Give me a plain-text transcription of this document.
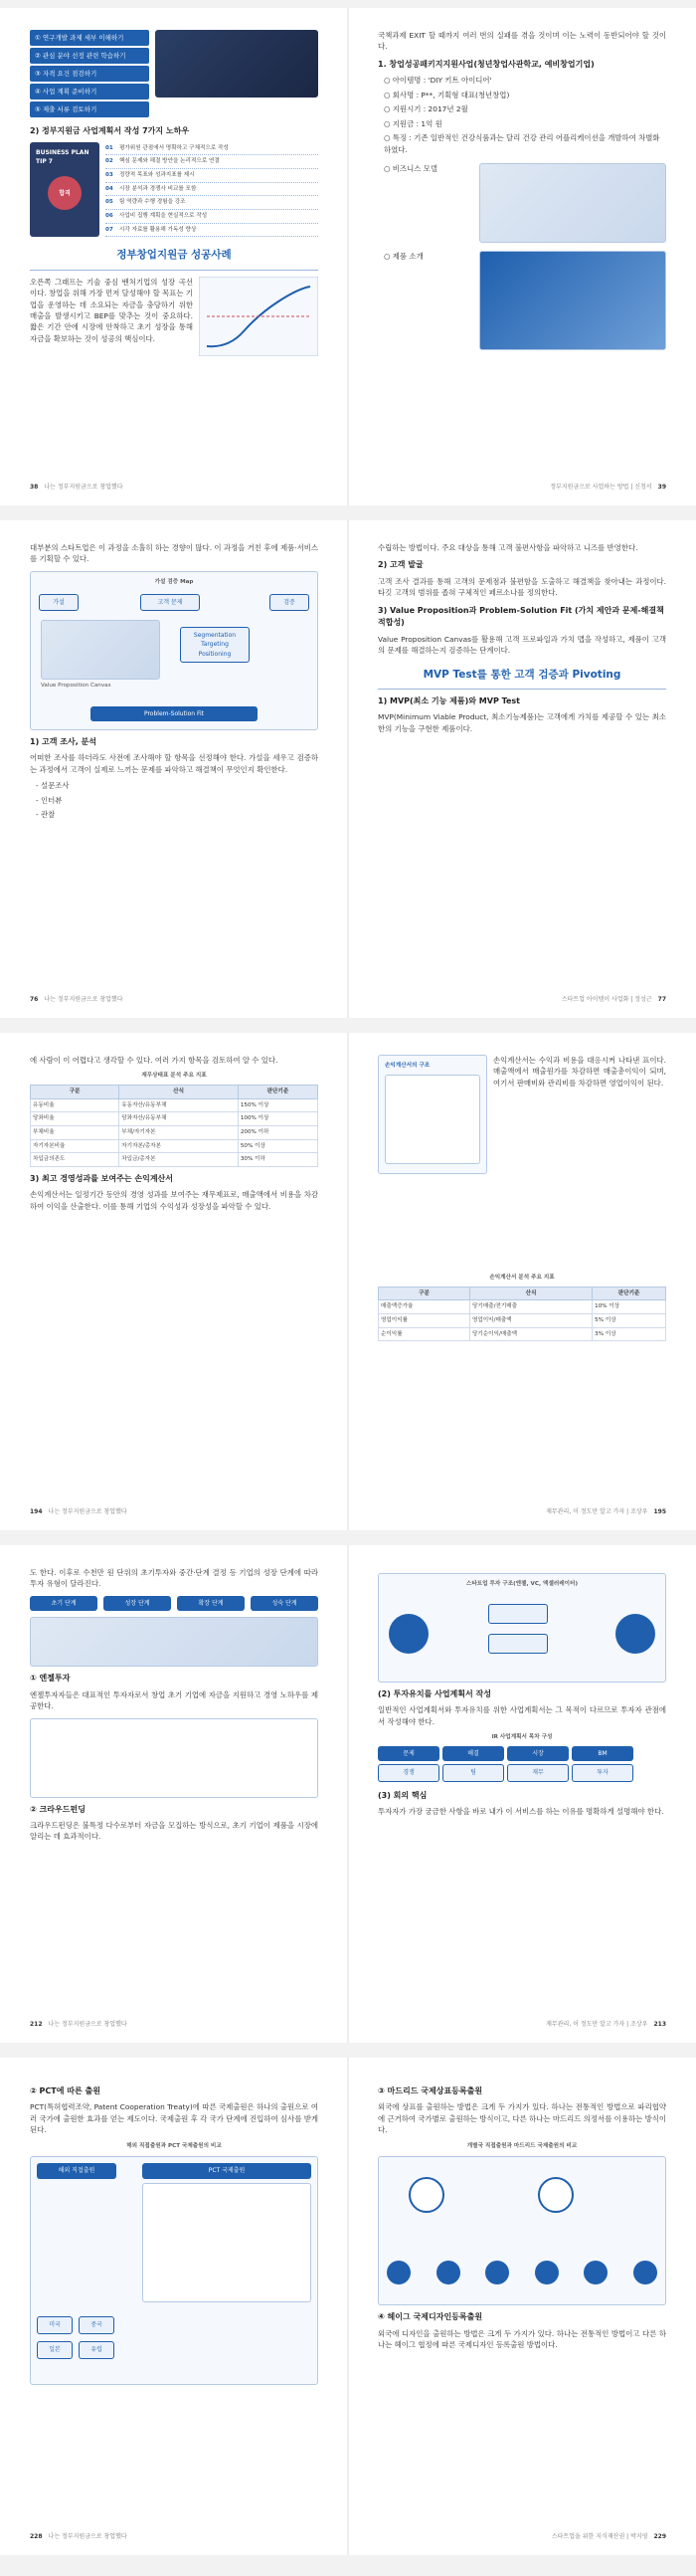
① 연구개발 과제 세부 이해하기
② 관심 분야 선정 관련 학습하기
③ 자격 요건 점검하기
④ 사업 계획 준비하기
⑤ 제출 서류 검토하기
2) 정부지원금 사업계획서 작성 7가지 노하우
BUSINESS PLAN TIP 7
합격
01	평가위원 관점에서 명확하고 구체적으로 작성
02	핵심 문제와 해결 방안을 논리적으로 연결
03	정량적 목표와 성과지표를 제시
04	시장 분석과 경쟁사 비교를 포함
05	팀 역량과 수행 경험을 강조
06	사업비 집행 계획을 현실적으로 작성
07	시각 자료를 활용해 가독성 향상
정부창업지원금 성공사례

오픈쪽 그래프는 기술 중심 벤처기업의 성장 곡선이다. 창업을 위해 가장 먼저 달성해야 할 목표는 기업을 운영하는 데 소요되는 자금을 충당하기 위한 매출을 발생시키고 BEP를 맞추는 것이 중요하다. 짧은 기간 안에 시장에 안착하고 초기 성장을 통해 자금을 확보하는 것이 성공의 핵심이다.

38 나는 정부지원금으로 창업했다

국책과제 EXIT 할 때까지 여러 번의 실패를 겪을 것이며 이는 노력이 동반되어야 할 것이다.

1. 창업성공패키지지원사업(청년창업사관학교, 예비창업기업)
○ 아이템명 : 'DIY 키트 아이디어'
○ 회사명 : P**, 기획형 대표(청년창업)
○ 지원시기 : 2017년 2월
○ 지원금 : 1억 원
○ 특징 : 기존 일반적인 건강식품과는 달리 건강 관리 어플리케이션을 개발하여 차별화하였다.
○ 비즈니스 모델
○ 제품 소개
정부지원금으로 사업하는 방법 | 신청서 39

대부분의 스타트업은 이 과정을 소홀히 하는 경향이 많다. 이 과정을 거친 후에 제품·서비스를 기획할 수 있다.

가설 검증 Map
가설	검증
고객 문제
Value Proposition Canvas
Segmentation Targeting Positioning
Problem-Solution Fit
1) 고객 조사, 분석

어떠한 조사를 하더라도 사전에 조사해야 할 항목을 선정해야 한다. 가설을 세우고 검증하는 과정에서 고객이 실제로 느끼는 문제를 파악하고 해결책이 무엇인지 확인한다.

- 설문조사
- 인터뷰
- 관찰
76 나는 정부지원금으로 창업했다

수립하는 방법이다. 주요 대상을 통해 고객 불편사항을 파악하고 니즈를 반영한다.

2) 고객 발굴

고객 조사 결과를 통해 고객의 문제점과 불편함을 도출하고 해결책을 찾아내는 과정이다. 타깃 고객의 범위를 좁혀 구체적인 페르소나를 정의한다.

3) Value Proposition과 Problem-Solution Fit (가치 제안과 문제-해결책 적합성)

Value Proposition Canvas를 활용해 고객 프로파일과 가치 맵을 작성하고, 제품이 고객의 문제를 해결하는지 검증하는 단계이다.

MVP Test를 통한 고객 검증과 Pivoting
1) MVP(최소 기능 제품)와 MVP Test

MVP(Minimum Viable Product, 최소기능제품)는 고객에게 가치를 제공할 수 있는 최소한의 기능을 구현한 제품이다.

스타트업 아이템이 사업화 | 정성근 77

에 사람이 이 어렵다고 생각할 수 있다. 여러 가지 항목을 검토하여 알 수 있다.

재무상태표 분석 주요 지표
구분	산식	판단기준
유동비율	유동자산/유동부채	150% 이상
당좌비율	당좌자산/유동부채	100% 이상
부채비율	부채/자기자본	200% 이하
자기자본비율	자기자본/총자본	50% 이상
차입금의존도	차입금/총자본	30% 이하
3) 최고 경영성과를 보여주는 손익계산서

손익계산서는 일정기간 동안의 경영 성과를 보여주는 재무제표로, 매출액에서 비용을 차감하여 이익을 산출한다. 이를 통해 기업의 수익성과 성장성을 파악할 수 있다.

194 나는 정부지원금으로 창업했다
손익계산서의 구조

손익계산서는 수익과 비용을 대응시켜 나타낸 표이다. 매출액에서 매출원가를 차감하면 매출총이익이 되며, 여기서 판매비와 관리비를 차감하면 영업이익이 된다.

손익계산서 분석 주요 지표
구분	산식	판단기준
매출액증가율	당기매출/전기매출	10% 이상
영업이익률	영업이익/매출액	5% 이상
순이익률	당기순이익/매출액	3% 이상
재무관리, 이 정도만 알고 가자 | 조상우 195

도 한다. 이후로 수천만 원 단위의 초기투자와 중간·단계 결정 등 기업의 성장 단계에 따라 투자 유형이 달라진다.

초기 단계	성장 단계	확장 단계	성숙 단계
① 엔젤투자

엔젤투자자들은 대표적인 투자자로서 창업 초기 기업에 자금을 지원하고 경영 노하우를 제공한다.

② 크라우드펀딩

크라우드펀딩은 불특정 다수로부터 자금을 모집하는 방식으로, 초기 기업이 제품을 시장에 알리는 데 효과적이다.

212 나는 정부지원금으로 창업했다
스타트업 투자 구조(엔젤, VC, 액셀러레이터)
(2) 투자유치를 사업계획서 작성

일반적인 사업계획서와 투자유치를 위한 사업계획서는 그 목적이 다르므로 투자자 관점에서 작성해야 한다.

IR 사업계획서 목차 구성
문제	해결	시장	BM
경쟁	팀	재무	투자
(3) 회의 핵심

투자자가 가장 궁금한 사항을 바로 내가 이 서비스를 하는 이유를 명확하게 설명해야 한다.

재무관리, 이 정도만 알고 가자 | 조상우 213
② PCT에 따른 출원

PCT(특허협력조약, Patent Cooperation Treaty)에 따른 국제출원은 하나의 출원으로 여러 국가에 출원한 효과를 얻는 제도이다. 국제출원 후 각 국가 단계에 진입하여 심사를 받게 된다.

해외 직접출원과 PCT 국제출원의 비교
해외 직접출원	PCT 국제출원
미국	중국
일본	유럽
228 나는 정부지원금으로 창업했다
③ 마드리드 국제상표등록출원

외국에 상표를 출원하는 방법은 크게 두 가지가 있다. 하나는 전통적인 방법으로 파리협약에 근거하여 국가별로 출원하는 방식이고, 다른 하나는 마드리드 의정서를 이용하는 방식이다.

개별국 직접출원과 마드리드 국제출원의 비교
④ 헤이그 국제디자인등록출원

외국에 디자인을 출원하는 방법은 크게 두 가지가 있다. 하나는 전통적인 방법이고 다른 하나는 헤이그 협정에 따른 국제디자인 등록출원 방법이다.

스타트업을 위한 지식재산권 | 박지영 229
